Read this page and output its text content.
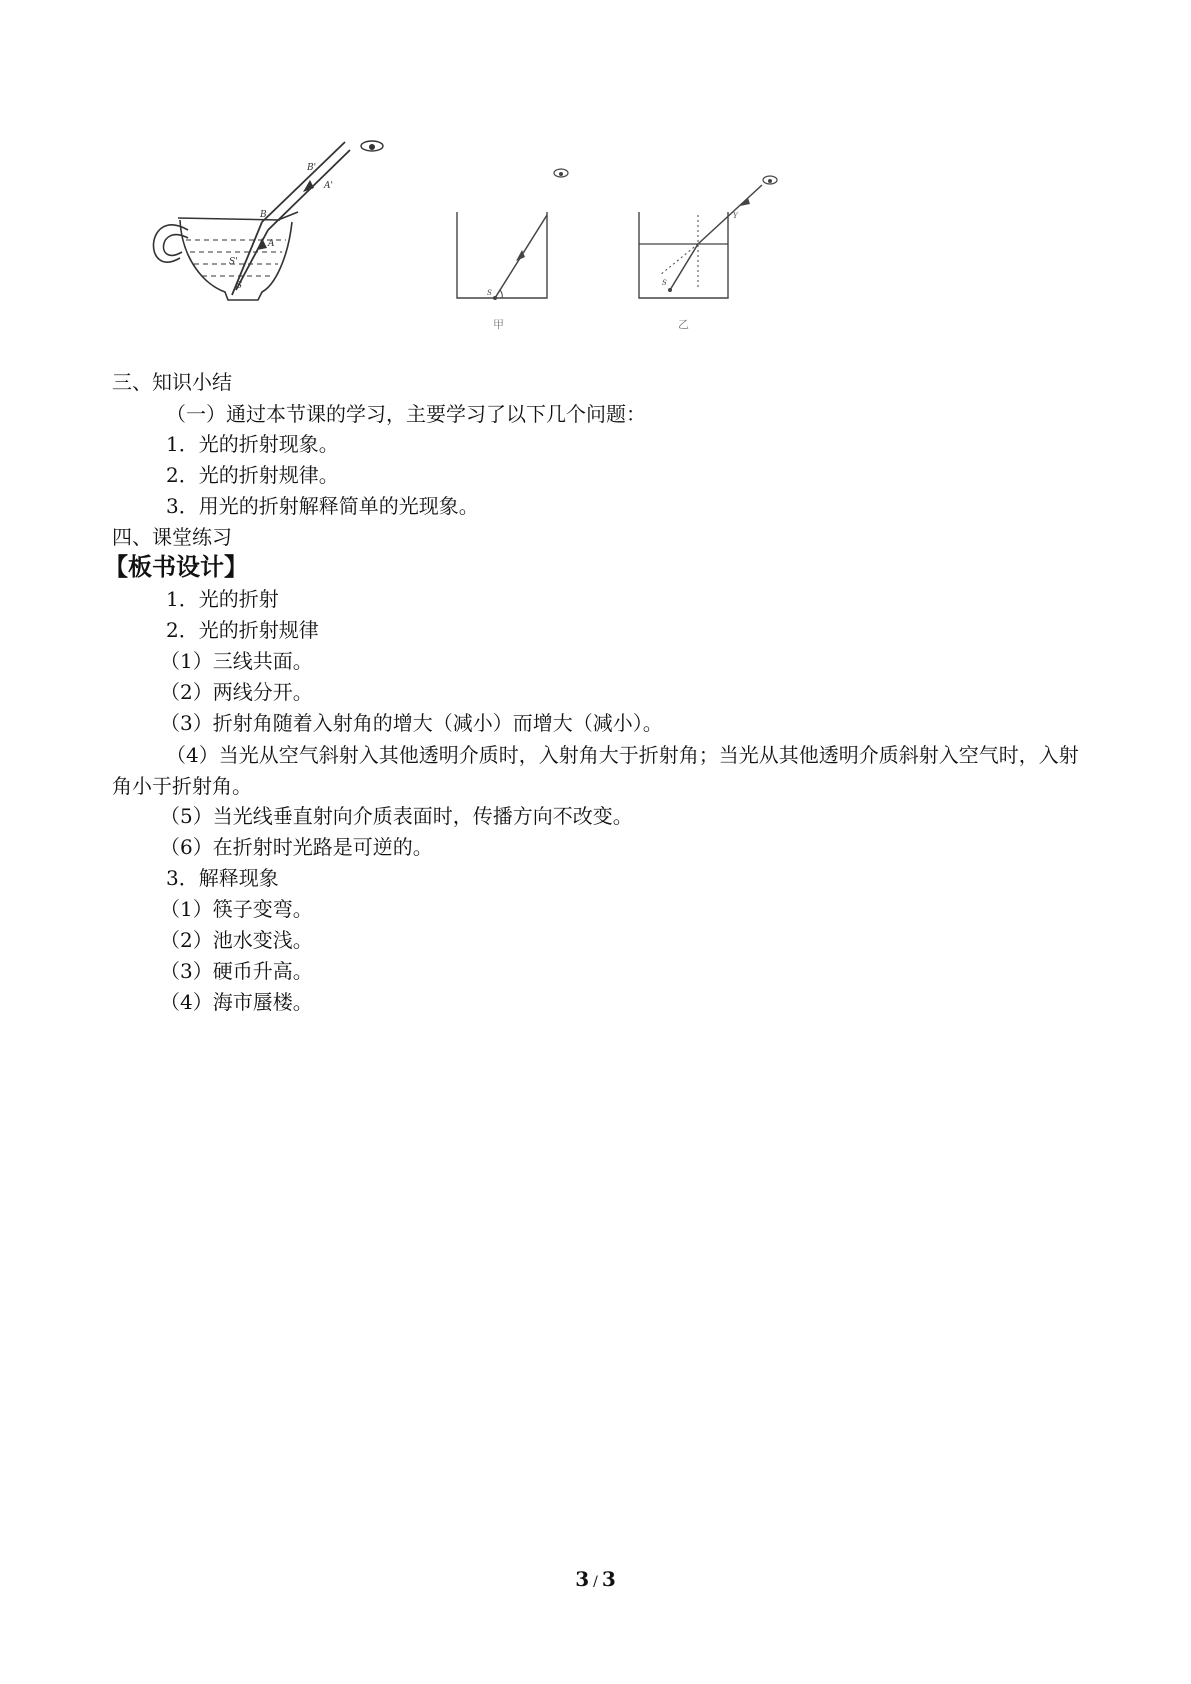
B'
A'
B
A
S'
S
S
S
Y
甲	乙
三、知识小结
（一）通过本节课的学习，主要学习了以下几个问题：
1．光的折射现象。
2．光的折射规律。
3．用光的折射解释简单的光现象。
四、课堂练习
【板书设计】
1．光的折射
2．光的折射规律
（1）三线共面。
（2）两线分开。
（3）折射角随着入射角的增大（减小）而增大（减小）。
（4）当光从空气斜射入其他透明介质时，入射角大于折射角；当光从其他透明介质斜射入空气时，入射角小于折射角。
（5）当光线垂直射向介质表面时，传播方向不改变。
（6）在折射时光路是可逆的。
3．解释现象
（1）筷子变弯。
（2）池水变浅。
（3）硬币升高。
（4）海市蜃楼。
3 / 3
